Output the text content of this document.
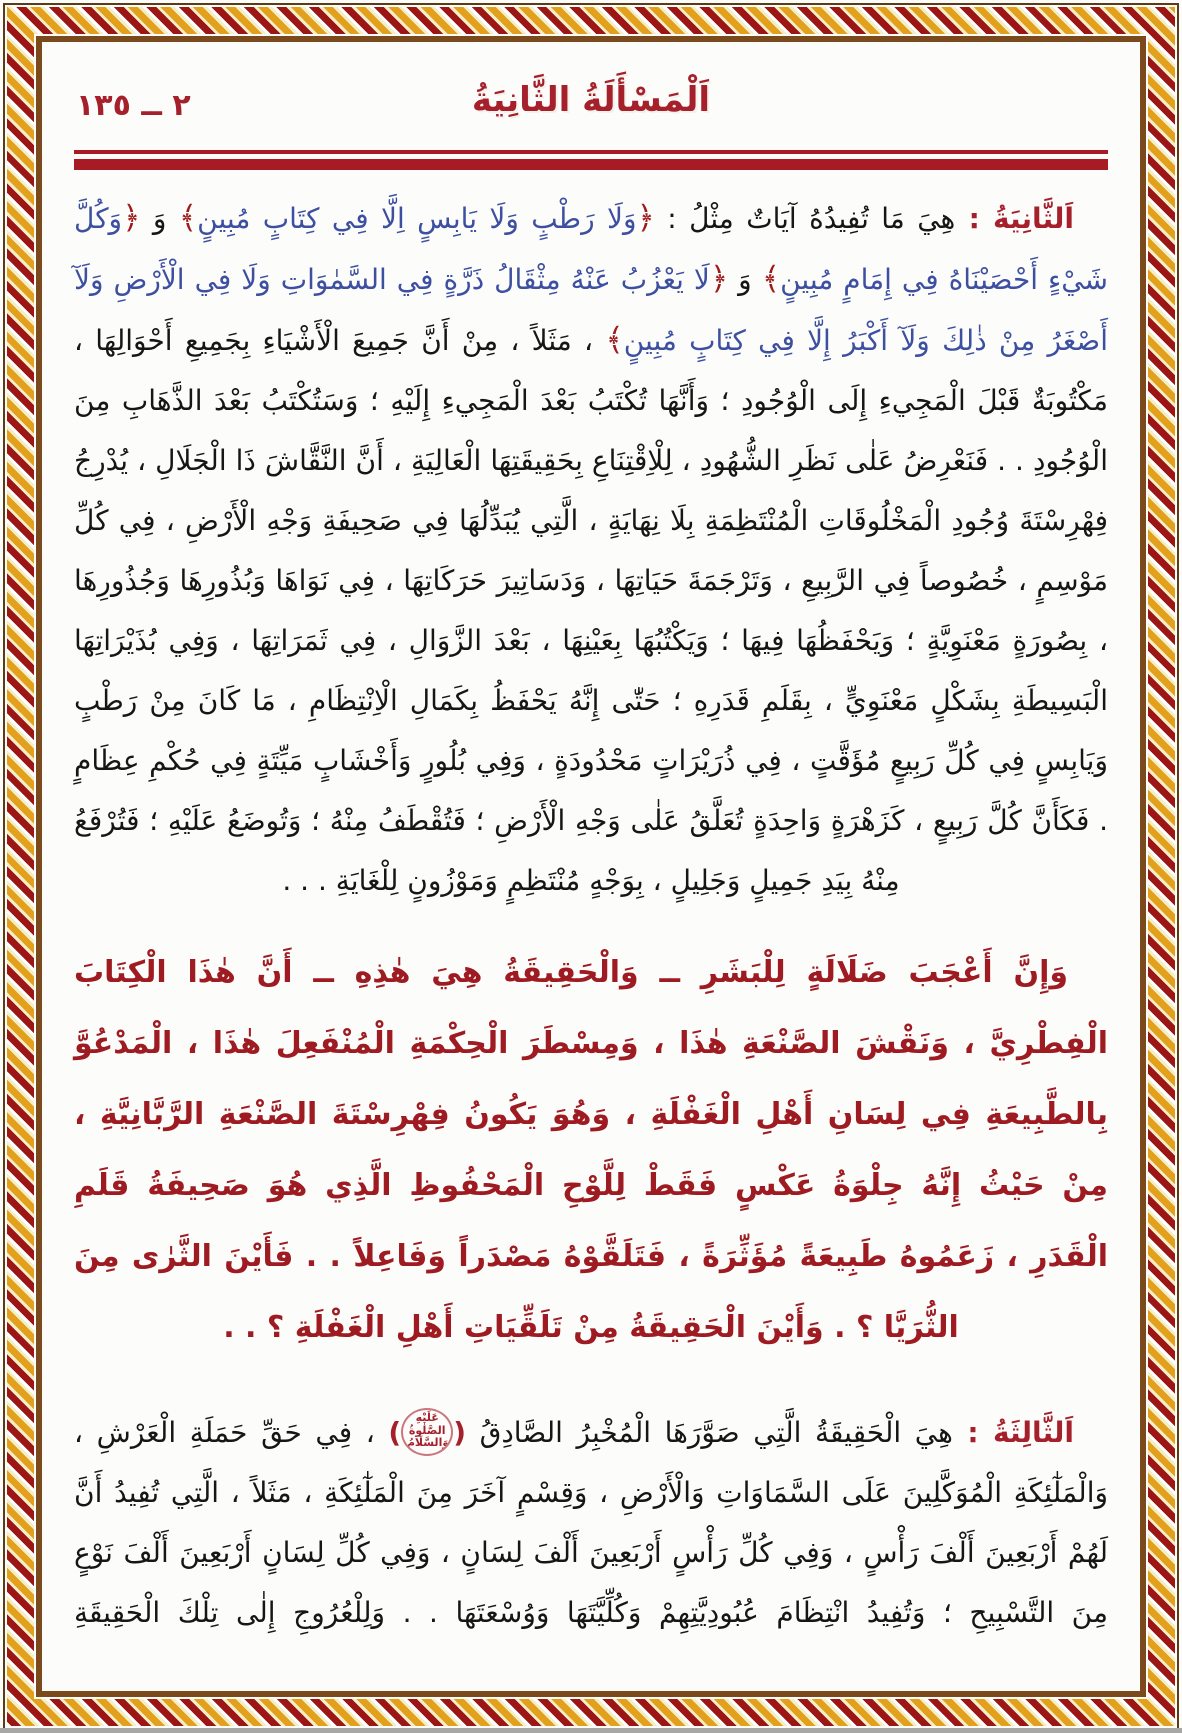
٢ ــ ١٣٥	اَلْمَسْأَلَةُ الثَّانِيَةُ

اَلثَّانِيَةُ : هِيَ مَا تُفِيدُهُ آيَاتٌ مِثْلُ : ﴿وَلَا رَطْبٍ وَلَا يَابِسٍ اِلَّا فِي كِتَابٍ مُبِينٍ﴾ وَ ﴿وَكُلَّ شَيْءٍ أَحْصَيْنَاهُ فِي إِمَامٍ مُبِينٍ﴾ وَ ﴿لَا يَعْزُبُ عَنْهُ مِثْقَالُ ذَرَّةٍ فِي السَّمٰوَاتِ وَلَا فِي الْأَرْضِ وَلَآ أَصْغَرُ مِنْ ذٰلِكَ وَلَآ أَكْبَرُ إِلَّا فِي كِتَابٍ مُبِينٍ﴾ ، مَثَلاً ، مِنْ أَنَّ جَمِيعَ الْأَشْيَاءِ بِجَمِيعِ أَحْوَالِهَا ، مَكْتُوبَةٌ قَبْلَ الْمَجِيءِ إِلَى الْوُجُودِ ؛ وَأَنَّهَا تُكْتَبُ بَعْدَ الْمَجِيءِ إِلَيْهِ ؛ وَسَتُكْتَبُ بَعْدَ الذَّهَابِ مِنَ الْوُجُودِ . . فَنَعْرِضُ عَلٰى نَظَرِ الشُّهُودِ ، لِلْاِقْتِنَاعِ بِحَقِيقَتِهَا الْعَالِيَةِ ، أَنَّ النَّقَّاشَ ذَا الْجَلَالِ ، يُدْرِجُ فِهْرِسْتَةَ وُجُودِ الْمَخْلُوقَاتِ الْمُنْتَظِمَةِ بِلَا نِهَايَةٍ ، الَّتِي يُبَدِّلُهَا فِي صَحِيفَةِ وَجْهِ الْأَرْضِ ، فِي كُلِّ مَوْسِمٍ ، خُصُوصاً فِي الرَّبِيعِ ، وَتَرْجَمَةَ حَيَاتِهَا ، وَدَسَاتِيرَ حَرَكَاتِهَا ، فِي نَوَاهَا وَبُذُورِهَا وَجُذُورِهَا ، بِصُورَةٍ مَعْنَوِيَّةٍ ؛ وَيَحْفَظُهَا فِيهَا ؛ وَيَكْتُبُهَا بِعَيْنِهَا ، بَعْدَ الزَّوَالِ ، فِي ثَمَرَاتِهَا ، وَفِي بُذَيْرَاتِهَا الْبَسِيطَةِ بِشَكْلٍ مَعْنَوِيٍّ ، بِقَلَمِ قَدَرِهِ ؛ حَتّٰى إِنَّهُ يَحْفَظُ بِكَمَالِ الْاِنْتِظَامِ ، مَا كَانَ مِنْ رَطْبٍ وَيَابِسٍ فِي كُلِّ رَبِيعٍ مُؤَقَّتٍ ، فِي ذُرَيْرَاتٍ مَحْدُودَةٍ ، وَفِي بُلُورٍ وَأَخْشَابٍ مَيِّتَةٍ فِي حُكْمِ عِظَامٍ . فَكَأَنَّ كُلَّ رَبِيعٍ ، كَزَهْرَةٍ وَاحِدَةٍ تُعَلَّقُ عَلٰى وَجْهِ الْأَرْضِ ؛ فَتُقْطَفُ مِنْهُ ؛ وَتُوضَعُ عَلَيْهِ ؛ فَتُرْفَعُ مِنْهُ بِيَدِ جَمِيلٍ وَجَلِيلٍ ، بِوَجْهٍ مُنْتَظِمٍ وَمَوْزُونٍ لِلْغَايَةِ . . .

وَإِنَّ أَعْجَبَ ضَلَالَةٍ لِلْبَشَرِ ــ وَالْحَقِيقَةُ هِيَ هٰذِهِ ــ أَنَّ هٰذَا الْكِتَابَ الْفِطْرِيَّ ، وَنَقْشَ الصَّنْعَةِ هٰذَا ، وَمِسْطَرَ الْحِكْمَةِ الْمُنْفَعِلَ هٰذَا ، الْمَدْعُوَّ بِالطَّبِيعَةِ فِي لِسَانِ أَهْلِ الْغَفْلَةِ ، وَهُوَ يَكُونُ فِهْرِسْتَةَ الصَّنْعَةِ الرَّبَّانِيَّةِ ، مِنْ حَيْثُ إِنَّهُ جِلْوَةُ عَكْسٍ فَقَطْ لِلَّوْحِ الْمَحْفُوظِ الَّذِي هُوَ صَحِيفَةُ قَلَمِ الْقَدَرِ ، زَعَمُوهُ طَبِيعَةً مُؤَثِّرَةً ، فَتَلَقَّوْهُ مَصْدَراً وَفَاعِلاً . . فَأَيْنَ الثَّرٰى مِنَ الثُّرَيَّا ؟ . وَأَيْنَ الْحَقِيقَةُ مِنْ تَلَقِّيَاتِ أَهْلِ الْغَفْلَةِ ؟ . .

اَلثَّالِثَةُ : هِيَ الْحَقِيقَةُ الَّتِي صَوَّرَهَا الْمُخْبِرُ الصَّادِقُ (عَلَيْهِ الصَّلٰوةُ وَالسَّلَامُ) ، فِي حَقِّ حَمَلَةِ الْعَرْشِ ، وَالْمَلٰٓئِكَةِ الْمُوَكَّلِينَ عَلَى السَّمَاوَاتِ وَالْأَرْضِ ، وَقِسْمٍ آخَرَ مِنَ الْمَلٰٓئِكَةِ ، مَثَلاً ، الَّتِي تُفِيدُ أَنَّ لَهُمْ أَرْبَعِينَ أَلْفَ رَأْسٍ ، وَفِي كُلِّ رَأْسٍ أَرْبَعِينَ أَلْفَ لِسَانٍ ، وَفِي كُلِّ لِسَانٍ أَرْبَعِينَ أَلْفَ نَوْعٍ مِنَ التَّسْبِيحِ ؛ وَتُفِيدُ انْتِظَامَ عُبُودِيَّتِهِمْ وَكُلِّيَّتَهَا وَوُسْعَتَهَا . . وَلِلْعُرُوجِ إِلٰى تِلْكَ الْحَقِيقَةِ
